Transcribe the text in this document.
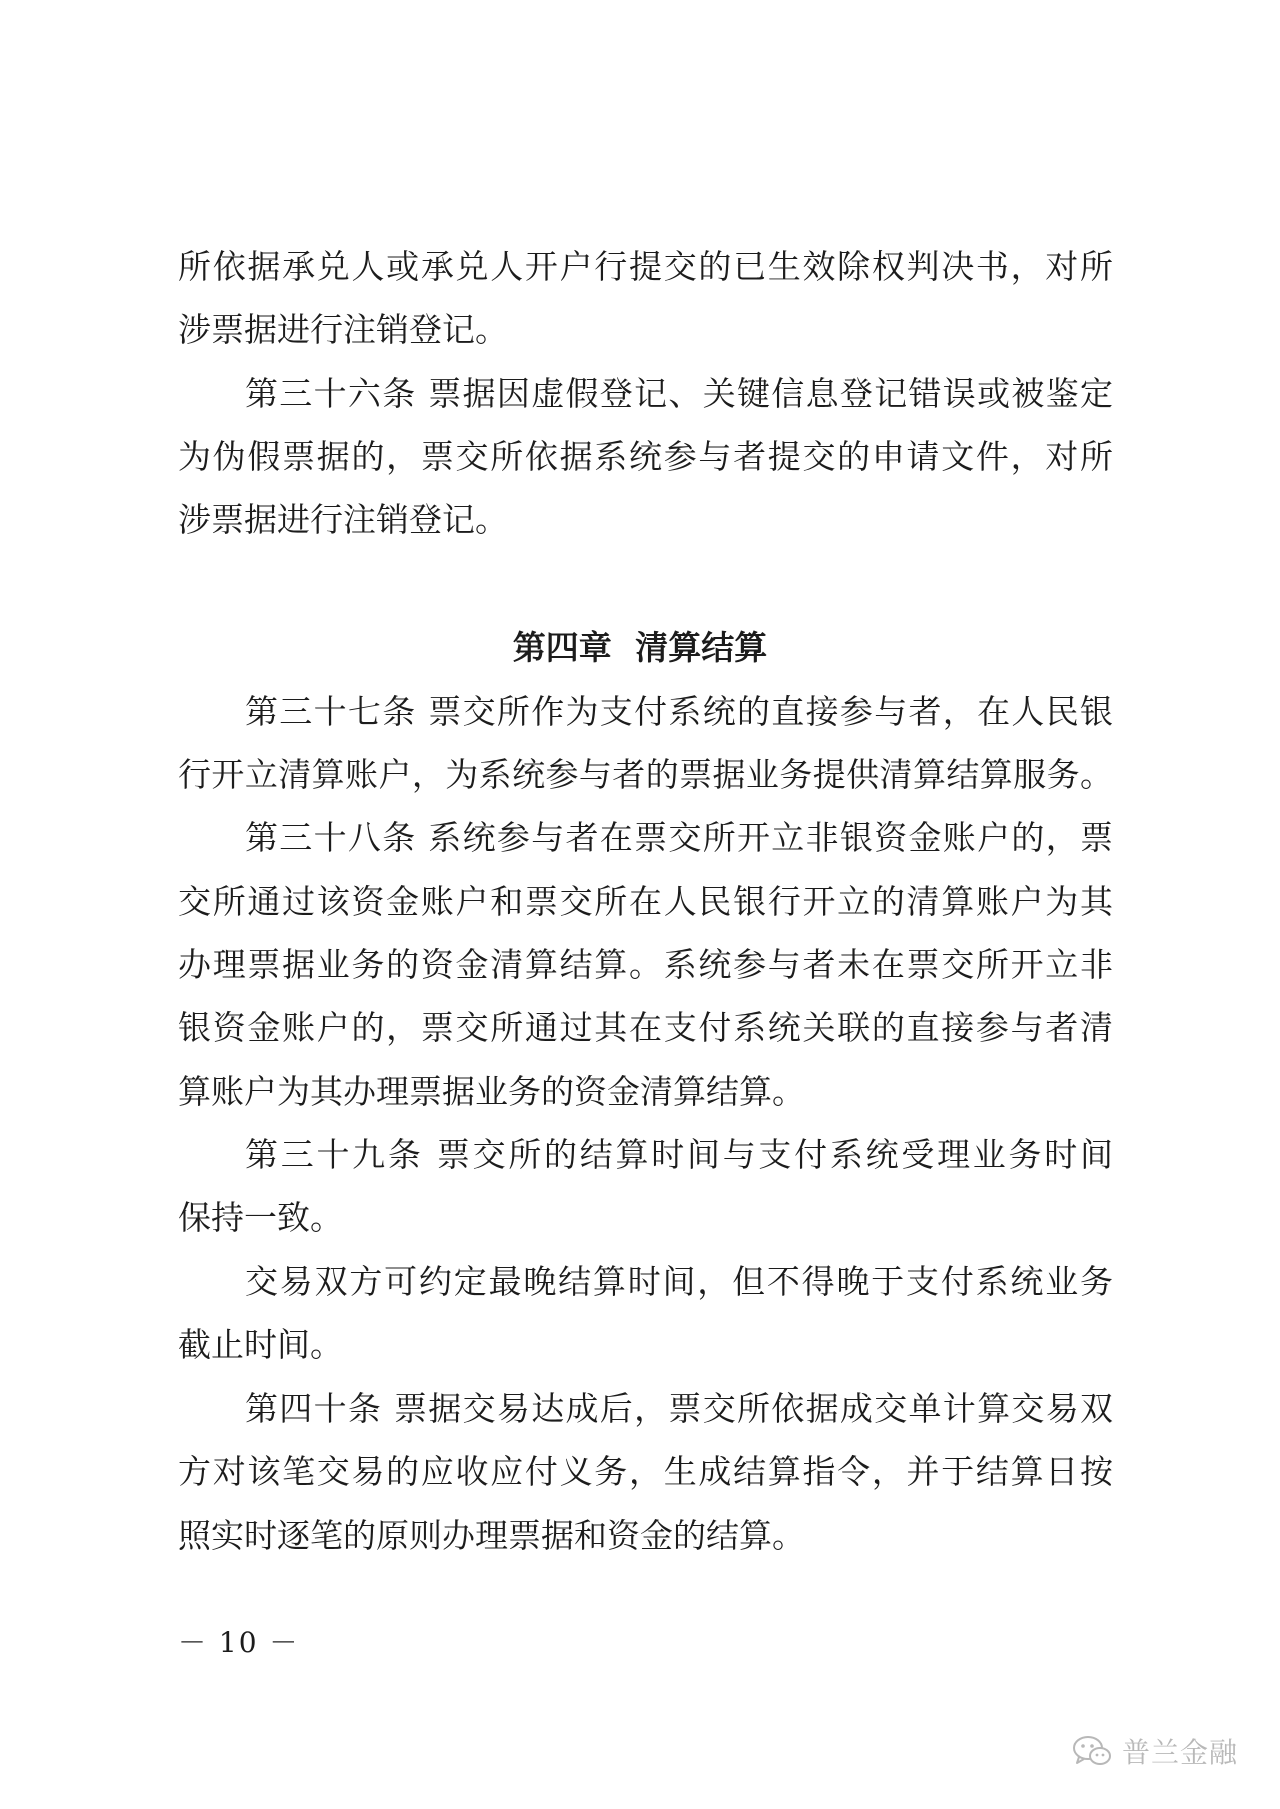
所依据承兑人或承兑人开户行提交的已生效除权判决书，对所
涉票据进行注销登记。
第三十六条 票据因虚假登记、关键信息登记错误或被鉴定
为伪假票据的，票交所依据系统参与者提交的申请文件，对所
涉票据进行注销登记。
第四章 清算结算
第三十七条 票交所作为支付系统的直接参与者，在人民银
行开立清算账户，为系统参与者的票据业务提供清算结算服务。
第三十八条 系统参与者在票交所开立非银资金账户的，票
交所通过该资金账户和票交所在人民银行开立的清算账户为其
办理票据业务的资金清算结算。系统参与者未在票交所开立非
银资金账户的，票交所通过其在支付系统关联的直接参与者清
算账户为其办理票据业务的资金清算结算。
第三十九条 票交所的结算时间与支付系统受理业务时间
保持一致。
交易双方可约定最晚结算时间，但不得晚于支付系统业务
截止时间。
第四十条 票据交易达成后，票交所依据成交单计算交易双
方对该笔交易的应收应付义务，生成结算指令，并于结算日按
照实时逐笔的原则办理票据和资金的结算。
－ 10 －
普兰金融
